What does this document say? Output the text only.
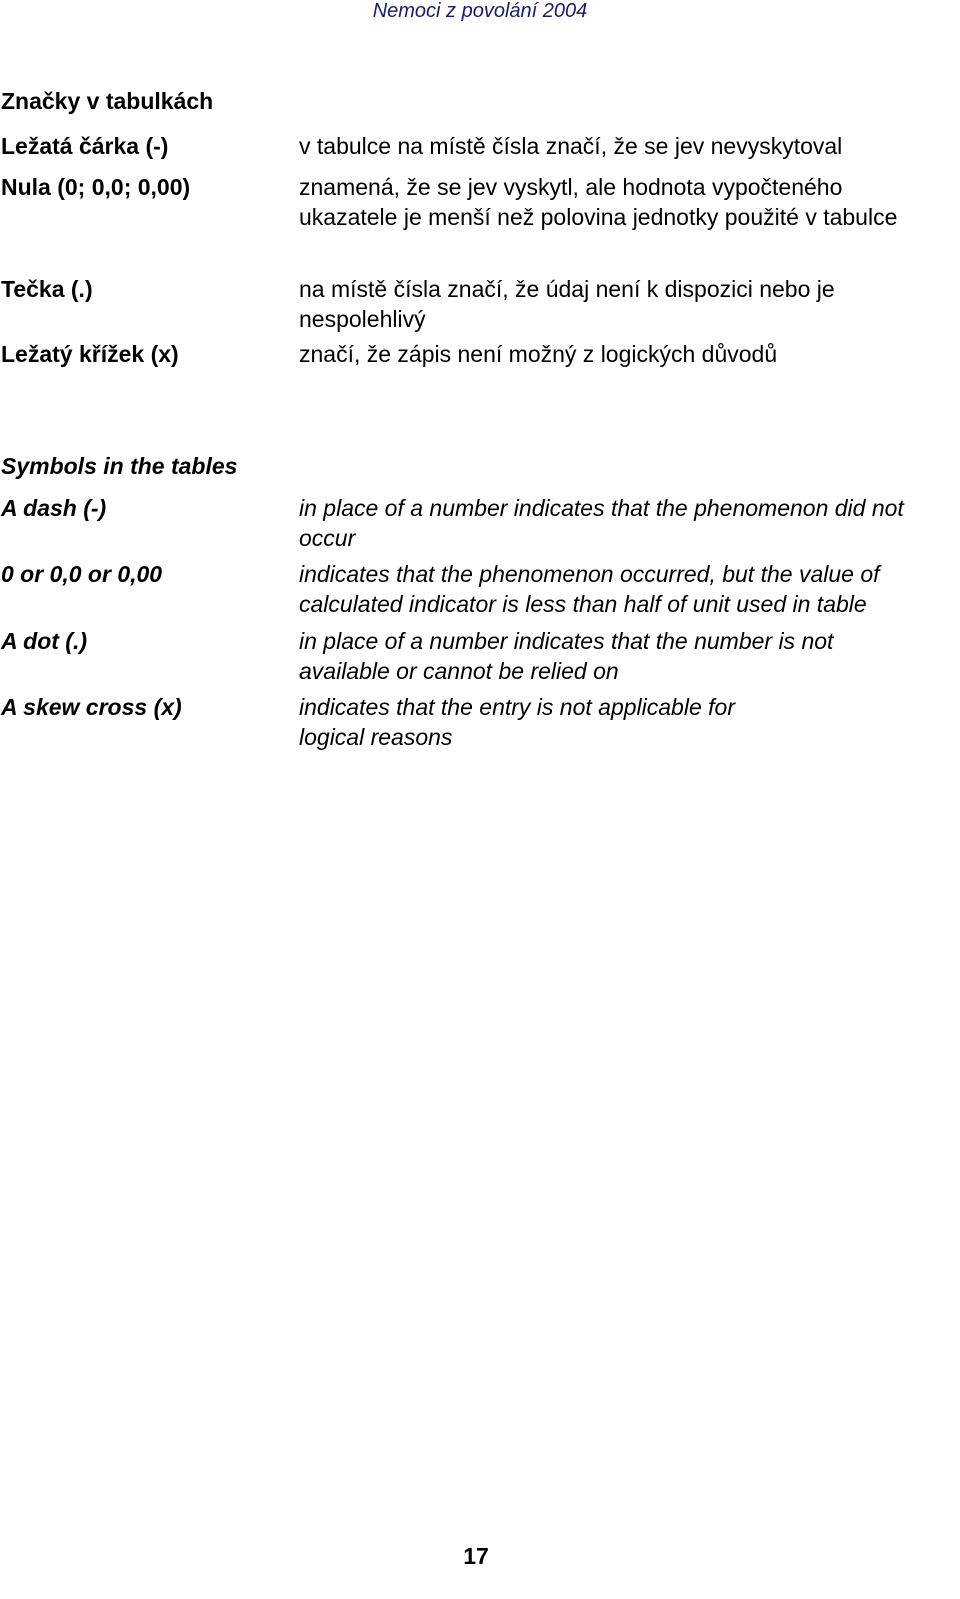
Nemoci z povolání 2004
Značky v tabulkách
Ležatá čárka (-)	v tabulce na místě čísla značí, že se jev nevyskytoval
Nula (0; 0,0; 0,00)	znamená, že se jev vyskytl, ale hodnota vypočteného ukazatele je menší než polovina jednotky použité v tabulce
Tečka (.)	na místě čísla značí, že údaj není k dispozici nebo je nespolehlivý
Ležatý křížek (x)	značí, že zápis není možný z logických důvodů
Symbols in the tables
A dash (-)	in place of a number indicates that the phenomenon did not occur
0 or 0,0 or 0,00	indicates that the phenomenon occurred, but the value of calculated indicator is less than half of unit used in table
A dot (.)	in place of a number indicates that the number is not available or cannot be relied on
A skew cross (x)	indicates that the entry is not applicable for logical reasons
17
